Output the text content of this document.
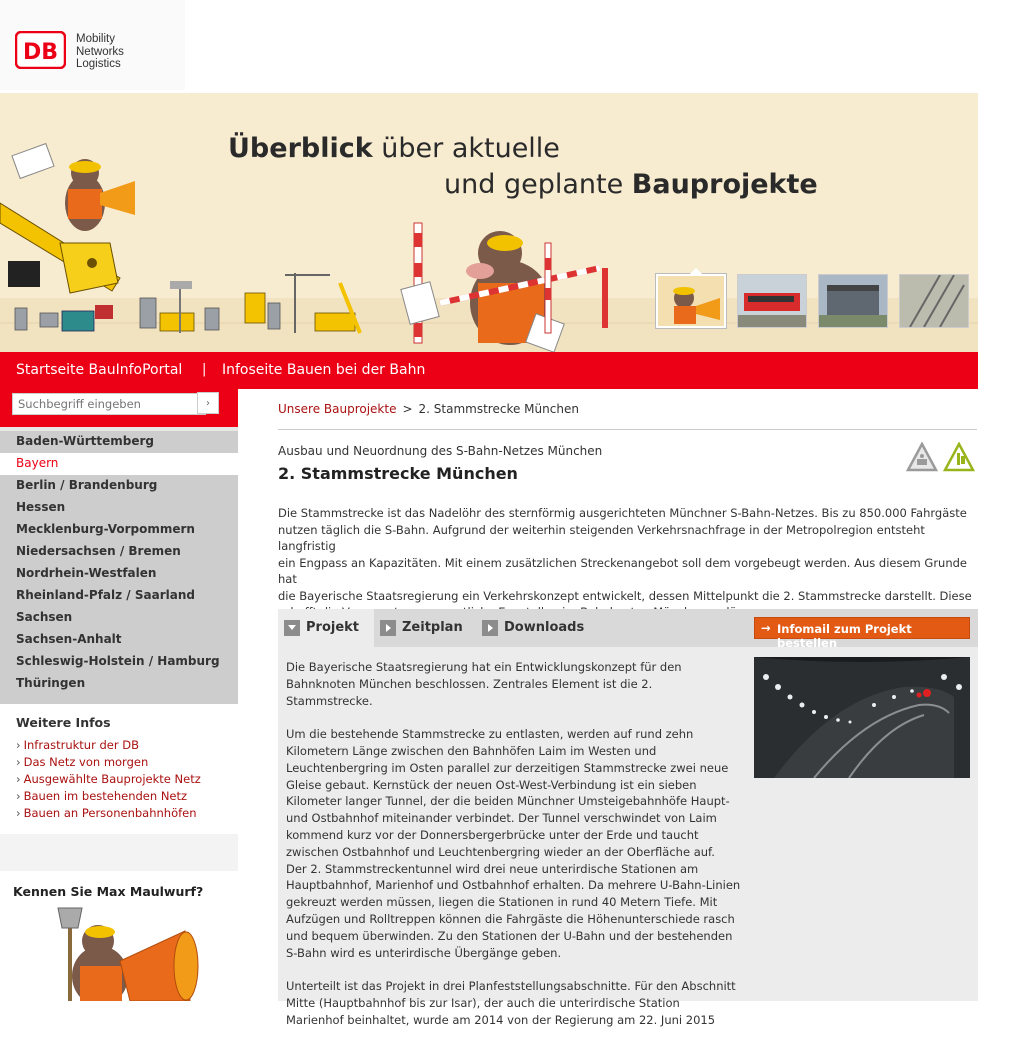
DB
Mobility
Networks
Logistics
Überblick über aktuelle
und geplante Bauprojekte
Startseite BauInfoPortal | Infoseite Bauen bei der Bahn
Suchbegriff eingeben
›
Baden-Württemberg
Bayern
Berlin / Brandenburg
Hessen
Mecklenburg-Vorpommern
Niedersachsen / Bremen
Nordrhein-Westfalen
Rheinland-Pfalz / Saarland
Sachsen
Sachsen-Anhalt
Schleswig-Holstein / Hamburg
Thüringen
Weitere Infos
› Infrastruktur der DB
› Das Netz von morgen
› Ausgewählte Bauprojekte Netz
› Bauen im bestehenden Netz
› Bauen an Personenbahnhöfen
Kennen Sie Max Maulwurf?
Unsere Bauprojekte > 2. Stammstrecke München
Ausbau und Neuordnung des S-Bahn-Netzes München
2. Stammstrecke München
Die Stammstrecke ist das Nadelöhr des sternförmig ausgerichteten Münchner S-Bahn-Netzes. Bis zu 850.000 Fahrgäste
nutzen täglich die S-Bahn. Aufgrund der weiterhin steigenden Verkehrsnachfrage in der Metropolregion entsteht langfristig
ein Engpass an Kapazitäten. Mit einem zusätzlichen Streckenangebot soll dem vorgebeugt werden. Aus diesem Grunde hat
die Bayerische Staatsregierung ein Verkehrskonzept entwickelt, dessen Mittelpunkt die 2. Stammstrecke darstellt. Diese
Projekt	Zeitplan	Downloads	→ Infomail zum Projekt bestellen

Die Bayerische Staatsregierung hat ein Entwicklungskonzept für den
Bahnknoten München beschlossen. Zentrales Element ist die 2. Stammstrecke.

Um die bestehende Stammstrecke zu entlasten, werden auf rund zehn
Kilometern Länge zwischen den Bahnhöfen Laim im Westen und
Leuchtenbergring im Osten parallel zur derzeitigen Stammstrecke zwei neue
Gleise gebaut. Kernstück der neuen Ost-West-Verbindung ist ein sieben
Kilometer langer Tunnel, der die beiden Münchner Umsteigebahnhöfe Haupt-
und Ostbahnhof miteinander verbindet. Der Tunnel verschwindet von Laim
kommend kurz vor der Donnersbergerbrücke unter der Erde und taucht
zwischen Ostbahnhof und Leuchtenbergring wieder an der Oberfläche auf.
Der 2. Stammstreckentunnel wird drei neue unterirdische Stationen am
Hauptbahnhof, Marienhof und Ostbahnhof erhalten. Da mehrere U-Bahn-Linien
gekreuzt werden müssen, liegen die Stationen in rund 40 Metern Tiefe. Mit
Aufzügen und Rolltreppen können die Fahrgäste die Höhenunterschiede rasch
und bequem überwinden. Zu den Stationen der U-Bahn und der bestehenden
S-Bahn wird es unterirdische Übergänge geben.

Unterteilt ist das Projekt in drei Planfeststellungsabschnitte. Für den Abschnitt
Mitte (Hauptbahnhof bis zur Isar), der auch die unterirdische Station
Marienhof beinhaltet, wurde am 2014 von der Regierung am 22. Juni 2015
